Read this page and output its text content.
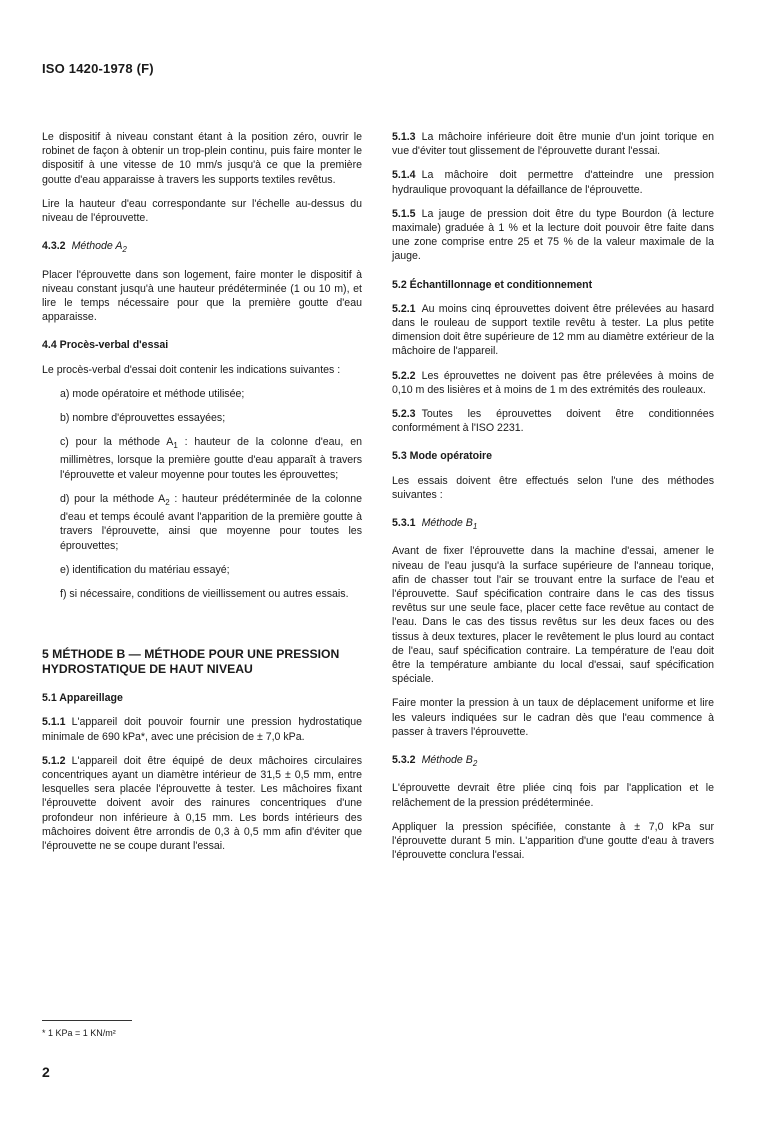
ISO 1420-1978 (F)

Le dispositif à niveau constant étant à la position zéro, ouvrir le robinet de façon à obtenir un trop-plein continu, puis faire monter le dispositif à une vitesse de 10 mm/s jusqu'à ce que la première goutte d'eau apparaisse à travers les supports textiles revêtus.

Lire la hauteur d'eau correspondante sur l'échelle au-dessus du niveau de l'éprouvette.

4.3.2 Méthode $A_2$

Placer l'éprouvette dans son logement, faire monter le dispositif à niveau constant jusqu'à une hauteur prédéterminée (1 ou 10 m), et lire le temps nécessaire pour que la première goutte d'eau apparaisse.

4.4 Procès-verbal d'essai

Le procès-verbal d'essai doit contenir les indications suivantes :

a) mode opératoire et méthode utilisée;

b) nombre d'éprouvettes essayées;

c) pour la méthode $A_1$ : hauteur de la colonne d'eau, en millimètres, lorsque la première goutte d'eau apparaît à travers l'éprouvette et valeur moyenne pour toutes les éprouvettes;

d) pour la méthode $A_2$ : hauteur prédéterminée de la colonne d'eau et temps écoulé avant l'apparition de la première goutte à travers l'éprouvette, ainsi que moyenne pour toutes les éprouvettes;

e) identification du matériau essayé;

f) si nécessaire, conditions de vieillissement ou autres essais.

5 MÉTHODE B — MÉTHODE POUR UNE PRESSION HYDROSTATIQUE DE HAUT NIVEAU
5.1 Appareillage

5.1.1 L'appareil doit pouvoir fournir une pression hydrostatique minimale de 690 kPa*, avec une précision de ± 7,0 kPa.

5.1.2 L'appareil doit être équipé de deux mâchoires circulaires concentriques ayant un diamètre intérieur de 31,5 ± 0,5 mm, entre lesquelles sera placée l'éprouvette à tester. Les mâchoires fixant l'éprouvette doivent avoir des rainures concentriques d'une profondeur non inférieure à 0,15 mm. Les bords intérieurs des mâchoires doivent être arrondis de 0,3 à 0,5 mm afin d'éviter que l'éprouvette ne se coupe durant l'essai.

5.1.3 La mâchoire inférieure doit être munie d'un joint torique en vue d'éviter tout glissement de l'éprouvette durant l'essai.

5.1.4 La mâchoire doit permettre d'atteindre une pression hydraulique provoquant la défaillance de l'éprouvette.

5.1.5 La jauge de pression doit être du type Bourdon (à lecture maximale) graduée à 1 % et la lecture doit pouvoir être faite dans une zone comprise entre 25 et 75 % de la valeur maximale de la jauge.

5.2 Échantillonnage et conditionnement

5.2.1 Au moins cinq éprouvettes doivent être prélevées au hasard dans le rouleau de support textile revêtu à tester. La plus petite dimension doit être supérieure de 12 mm au diamètre extérieur de la mâchoire de l'appareil.

5.2.2 Les éprouvettes ne doivent pas être prélevées à moins de 0,10 m des lisières et à moins de 1 m des extrémités des rouleaux.

5.2.3 Toutes les éprouvettes doivent être conditionnées conformément à l'ISO 2231.

5.3 Mode opératoire

Les essais doivent être effectués selon l'une des méthodes suivantes :

5.3.1 Méthode $B_1$

Avant de fixer l'éprouvette dans la machine d'essai, amener le niveau de l'eau jusqu'à la surface supérieure de l'anneau torique, afin de chasser tout l'air se trouvant entre la surface de l'eau et l'éprouvette. Sauf spécification contraire dans le cas des tissus revêtus sur une seule face, placer cette face revêtue au contact de l'eau. Dans le cas des tissus revêtus sur les deux faces ou des tissus à deux textures, placer le revêtement le plus lourd au contact de l'eau, sauf spécification contraire. La température de l'eau doit être la température ambiante du local d'essai, sauf spécification spéciale.

Faire monter la pression à un taux de déplacement uniforme et lire les valeurs indiquées sur le cadran dès que l'eau commence à passer à travers l'éprouvette.

5.3.2 Méthode $B_2$

L'éprouvette devrait être pliée cinq fois par l'application et le relâchement de la pression prédéterminée.

Appliquer la pression spécifiée, constante à ± 7,0 kPa sur l'éprouvette durant 5 min. L'apparition d'une goutte d'eau à travers l'éprouvette conclura l'essai.

* 1 KPa = 1 KN/m²
2
